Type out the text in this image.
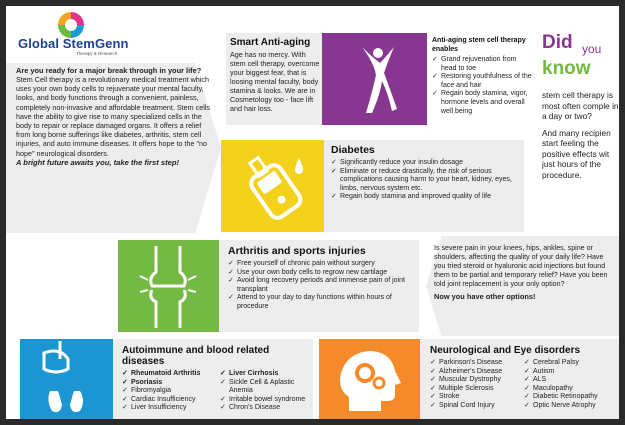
Global StemGenn
Therapy & Research
Are you ready for a major break through in your life?
Stem Cell therapy is a revolutionary medical treatment which uses your own body cells to rejuvenate your mental faculty, looks, and body functions through a convenient, painless, completely non-invasive and affordable treatment. Stem cells have the ability to give rise to many specialized cells in the body to repair or replace damaged organs. It offers a relief from long borne sufferings like diabetes, arthritis, stem cell injuries, and auto immune diseases. It offers hope to the "no hope" neurological disorders.
A bright future awaits you, take the first step!
Smart Anti-aging
Age has no mercy. With stem cell therapy, overcome your biggest fear, that is loosing mental faculty, body stamina & looks. We are in Cosmetology too - face lift and hair loss.
Anti-aging stem cell therapy enables
✓ Grand rejuvenation from head to toe
✓ Restoring youthfulness of the face and hair
✓ Regain body stamina, vigor, hormone levels and overall well being
Did you
know
stem cell therapy is most often comple in a day or two?
And many recipien start feeling the positive effects wit just hours of the procedure.
Diabetes
✓ Significantly reduce your insulin dosage
✓ Eliminate or reduce drastically, the risk of serious complications causing harm to your heart, kidney, eyes, limbs, nervous system etc.
✓ Regain body stamina and improved quality of life
Arthritis and sports injuries
✓ Free yourself of chronic pain without surgery
✓ Use your own body cells to regrow new cartilage
✓ Avoid long recovery periods and immense pain of joint transplant
✓ Attend to your day to day functions within hours of procedure
Is severe pain in your knees, hips, ankles, spine or shoulders, affecting the quality of your daily life? Have you tried steroid or hyaluronic acid injections but found them to be partial and temporary relief? Have you been told joint replacement is your only option?
Now you have other options!
Autoimmune and blood related diseases
✓ Rheumatoid Arthritis
✓ Psoriasis
✓ Fibromyalgia
✓ Cardiac Insufficiency
✓ Liver Insufficiency
✓ Liver Cirrhosis
✓ Sickle Cell & Aplastic Anemia
✓ Irritable bowel syndrome
✓ Chron's Disease
Neurological and Eye disorders
✓ Parkinson's Disease
✓ Alzheimer's Disease
✓ Muscular Dystrophy
✓ Multiple Sclerosis
✓ Stroke
✓ Spinal Cord Injury
✓ Cerebral Palsy
✓ Autism
✓ ALS
✓ Maculopathy
✓ Diabetic Retinopathy
✓ Optic Nerve Atrophy
